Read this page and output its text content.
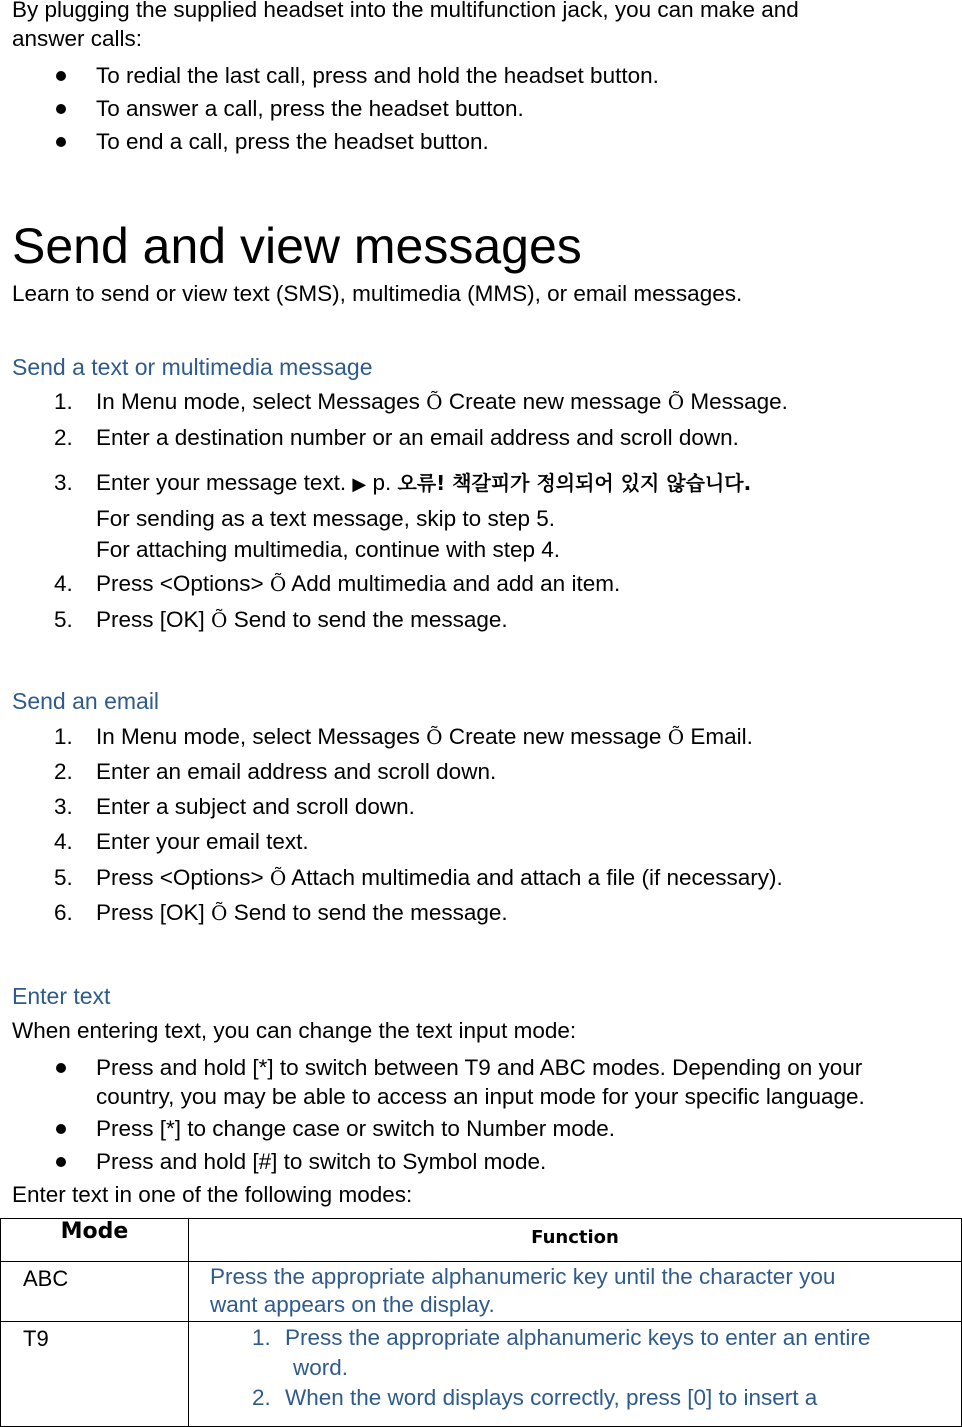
By plugging the supplied headset into the multifunction jack, you can make and
answer calls:
To redial the last call, press and hold the headset button.
To answer a call, press the headset button.
To end a call, press the headset button.
Send and view messages
Learn to send or view text (SMS), multimedia (MMS), or email messages.
Send a text or multimedia message
1. In Menu mode, select Messages Õ Create new message Õ Message.
2. Enter a destination number or an email address and scroll down.
3. Enter your message text. ▶ p. 오류! 책갈피가 정의되어 있지 않습니다.
For sending as a text message, skip to step 5.
For attaching multimedia, continue with step 4.
4. Press <Options> Õ Add multimedia and add an item.
5. Press [OK] Õ Send to send the message.
Send an email
1. In Menu mode, select Messages Õ Create new message Õ Email.
2. Enter an email address and scroll down.
3. Enter a subject and scroll down.
4. Enter your email text.
5. Press <Options> Õ Attach multimedia and attach a file (if necessary).
6. Press [OK] Õ Send to send the message.
Enter text
When entering text, you can change the text input mode:
Press and hold [*] to switch between T9 and ABC modes. Depending on your
country, you may be able to access an input mode for your specific language.
Press [*] to change case or switch to Number mode.
Press and hold [#] to switch to Symbol mode.
Enter text in one of the following modes:
Mode	Function
ABC	Press the appropriate alphanumeric key until the character you
want appears on the display.

T9	1. Press the appropriate alphanumeric keys to enter an entire
word.
2. When the word displays correctly, press [0] to insert a
